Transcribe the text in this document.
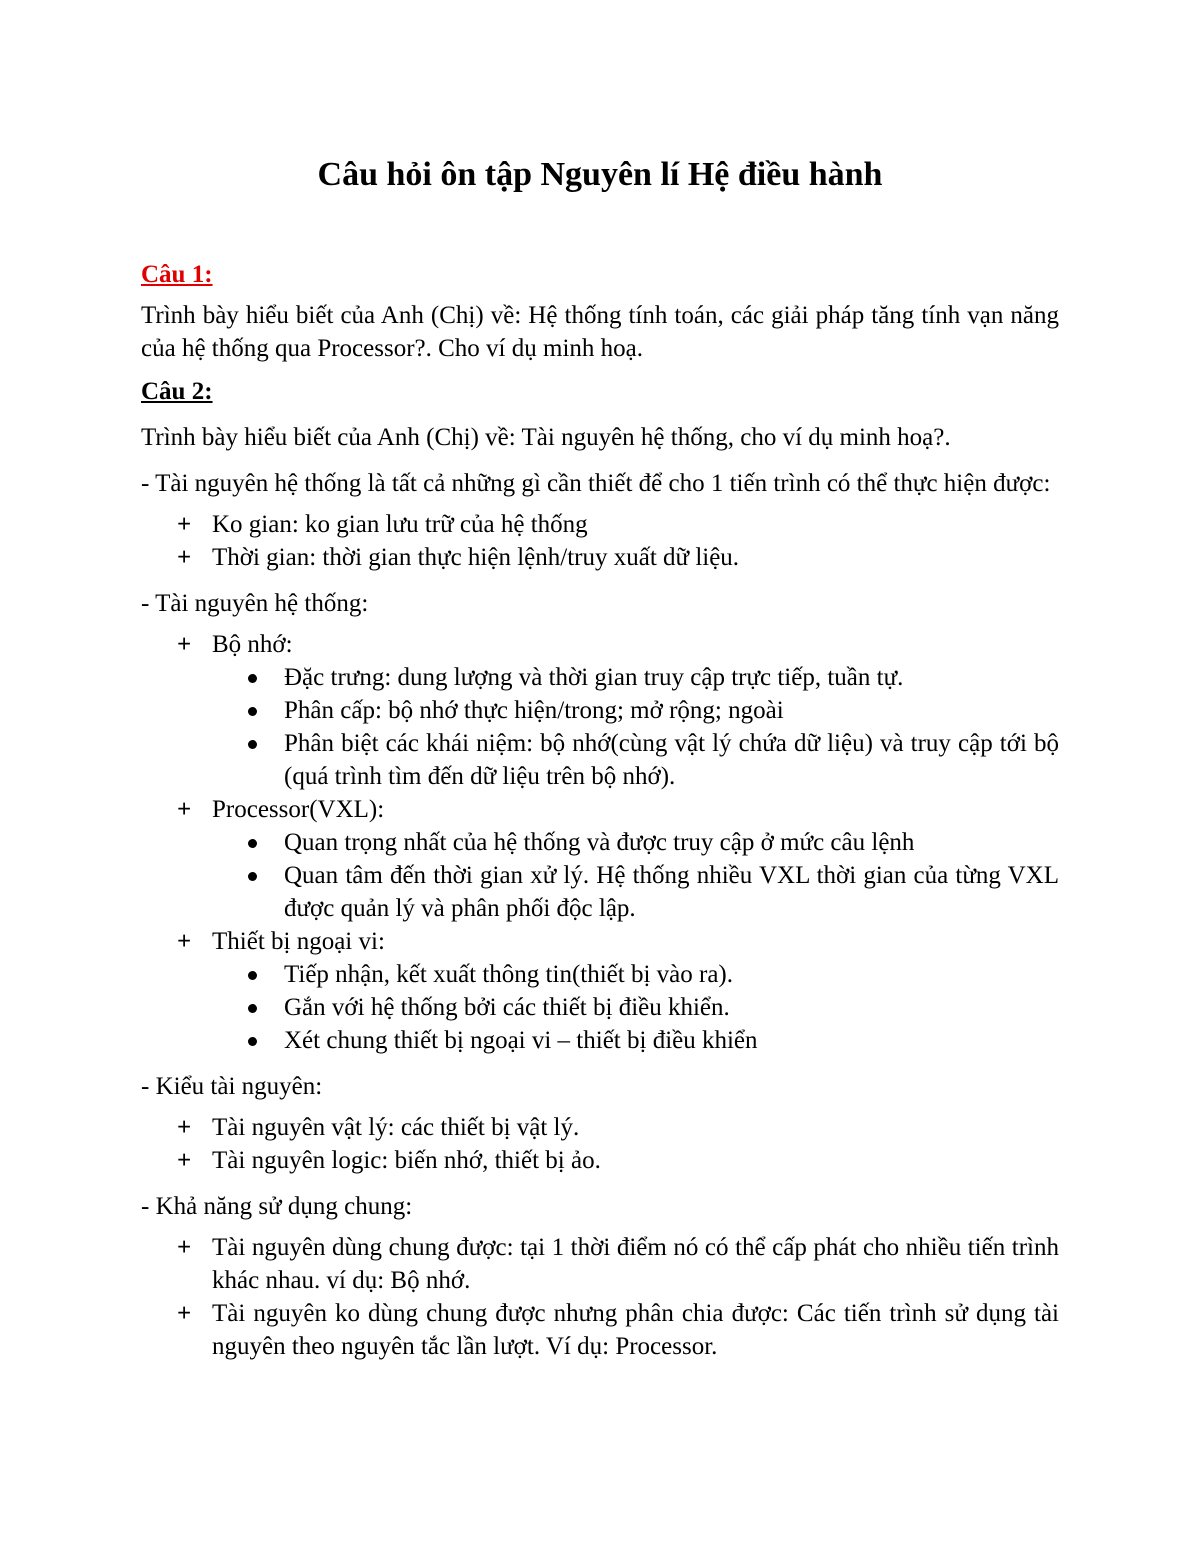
Câu hỏi ôn tập Nguyên lí Hệ điều hành

Câu 1:

Trình bày hiểu biết của Anh (Chị) về: Hệ thống tính toán, các giải pháp tăng tính vạn năng của hệ thống qua Processor?. Cho ví dụ minh hoạ.

Câu 2:

Trình bày hiểu biết của Anh (Chị) về: Tài nguyên hệ thống, cho ví dụ minh hoạ?.

- Tài nguyên hệ thống là tất cả những gì cần thiết để cho 1 tiến trình có thể thực hiện được:

+ Ko gian: ko gian lưu trữ của hệ thống
+ Thời gian: thời gian thực hiện lệnh/truy xuất dữ liệu.

- Tài nguyên hệ thống:

+ Bộ nhớ:
Đặc trưng: dung lượng và thời gian truy cập trực tiếp, tuần tự.
Phân cấp: bộ nhớ thực hiện/trong; mở rộng; ngoài
Phân biệt các khái niệm: bộ nhớ(cùng vật lý chứa dữ liệu) và truy cập tới bộ (quá trình tìm đến dữ liệu trên bộ nhớ).
+ Processor(VXL):
Quan trọng nhất của hệ thống và được truy cập ở mức câu lệnh
Quan tâm đến thời gian xử lý. Hệ thống nhiều VXL thời gian của từng VXL được quản lý và phân phối độc lập.
+ Thiết bị ngoại vi:
Tiếp nhận, kết xuất thông tin(thiết bị vào ra).
Gắn với hệ thống bởi các thiết bị điều khiển.
Xét chung thiết bị ngoại vi – thiết bị điều khiển

- Kiểu tài nguyên:

+ Tài nguyên vật lý: các thiết bị vật lý.
+ Tài nguyên logic: biến nhớ, thiết bị ảo.

- Khả năng sử dụng chung:

+ Tài nguyên dùng chung được: tại 1 thời điểm nó có thể cấp phát cho nhiều tiến trình khác nhau. ví dụ: Bộ nhớ.
+ Tài nguyên ko dùng chung được nhưng phân chia được: Các tiến trình sử dụng tài nguyên theo nguyên tắc lần lượt. Ví dụ: Processor.
